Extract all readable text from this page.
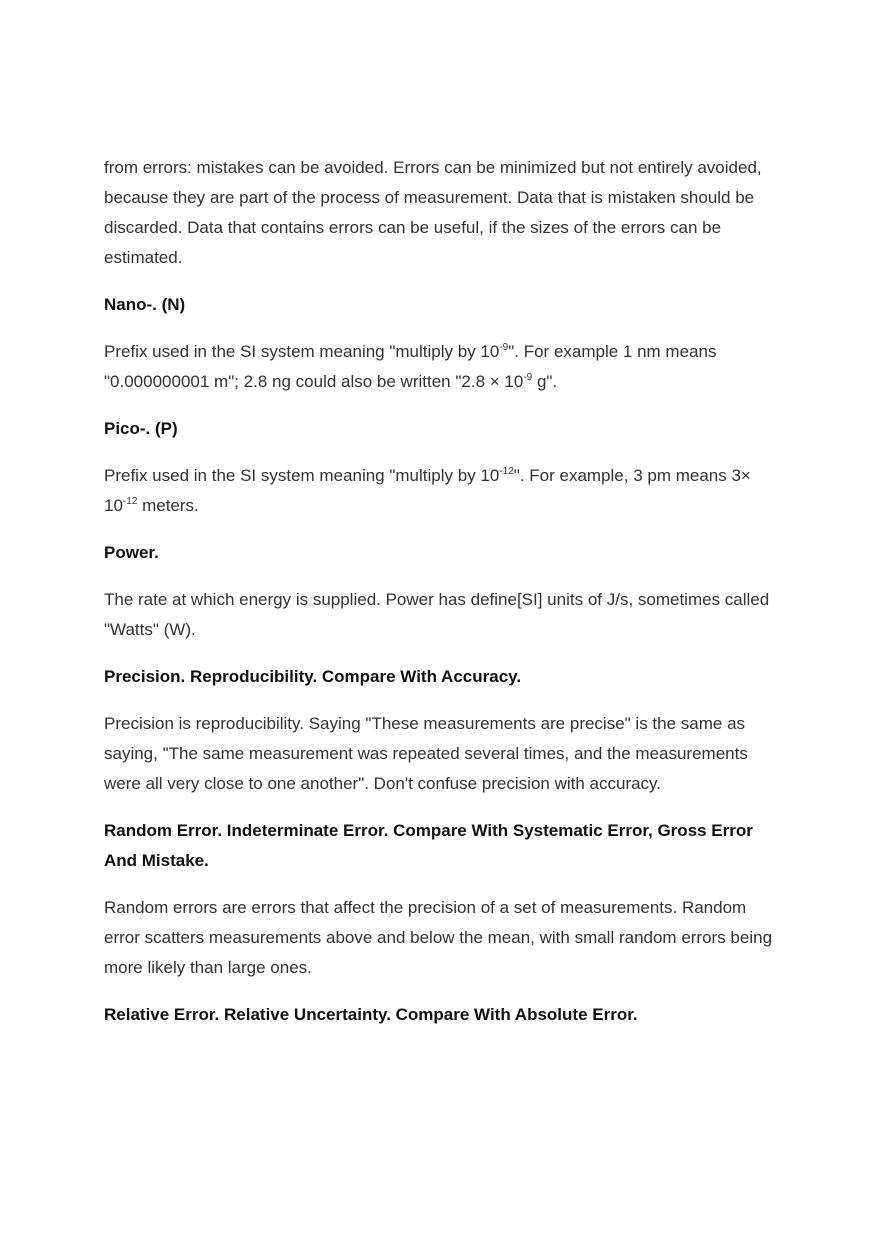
from errors: mistakes can be avoided. Errors can be minimized but not entirely avoided, because they are part of the process of measurement. Data that is mistaken should be discarded. Data that contains errors can be useful, if the sizes of the errors can be estimated.

Nano-. (N)

Prefix used in the SI system meaning "multiply by $10^{-9}$". For example 1 nm means "0.000000001 m"; 2.8 ng could also be written "$2.8 \times 10^{-9}$ g".

Pico-. (P)

Prefix used in the SI system meaning "multiply by $10^{-12}$". For example, 3 pm means $3\times 10^{-12}$ meters.

Power.

The rate at which energy is supplied. Power has define[SI] units of J/s, sometimes called "Watts" (W).

Precision. Reproducibility. Compare With Accuracy.

Precision is reproducibility. Saying "These measurements are precise" is the same as saying, "The same measurement was repeated several times, and the measurements were all very close to one another". Don't confuse precision with accuracy.

Random Error. Indeterminate Error. Compare With Systematic Error, Gross Error And Mistake.

Random errors are errors that affect the precision of a set of measurements. Random error scatters measurements above and below the mean, with small random errors being more likely than large ones.

Relative Error. Relative Uncertainty. Compare With Absolute Error.
